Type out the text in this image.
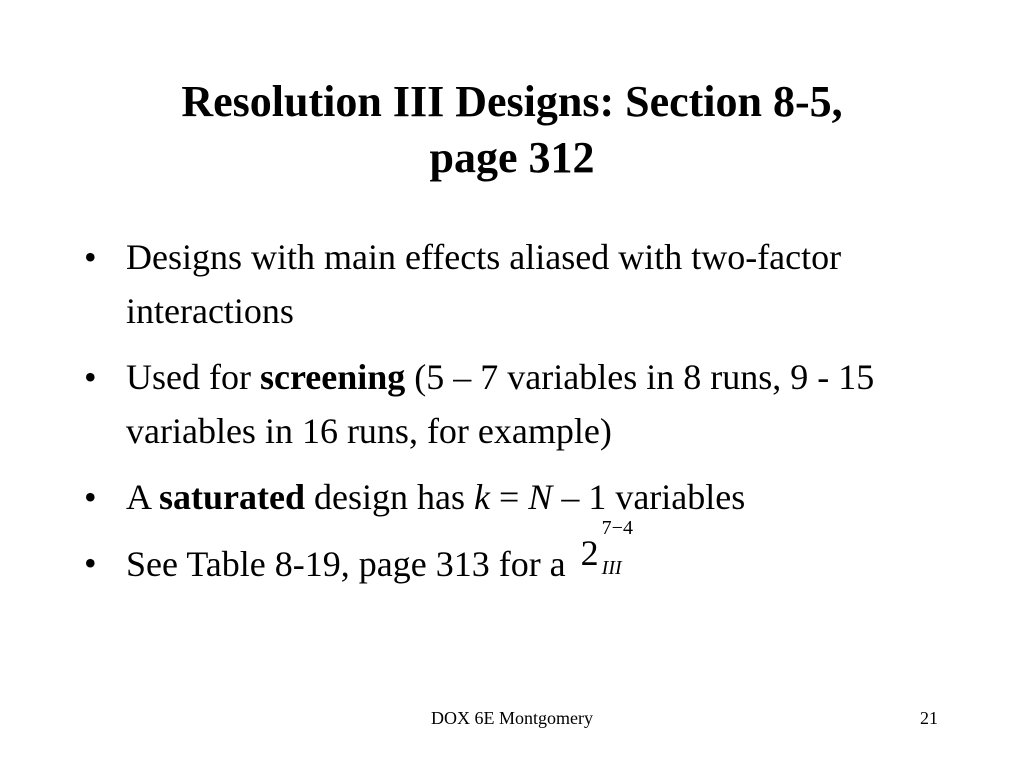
Resolution III Designs: Section 8-5,
page 312
• Designs with main effects aliased with two-factor interactions
• Used for screening (5 – 7 variables in 8 runs, 9 - 15 variables in 16 runs, for example)
• A saturated design has k = N – 1 variables
• See Table 8-19, page 313 for a 2
7−4
III
DOX 6E Montgomery	21
